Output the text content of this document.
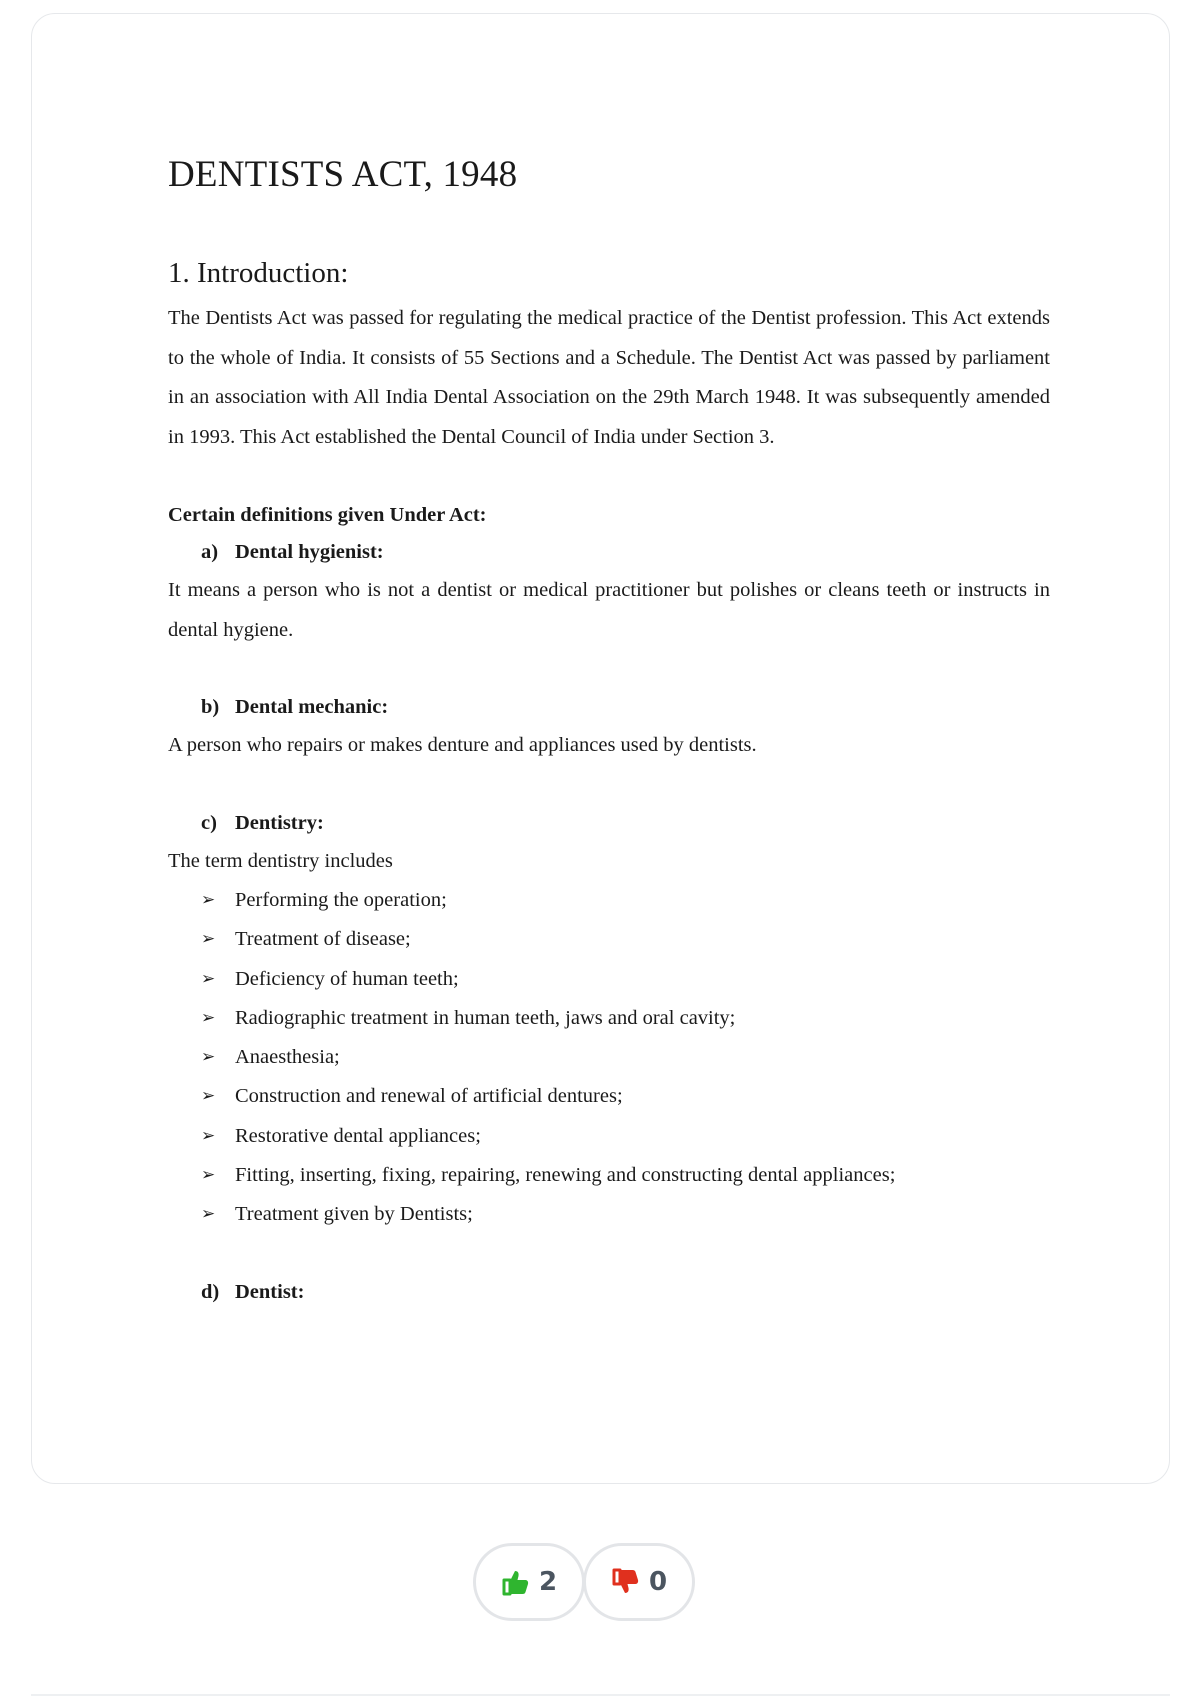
DENTISTS ACT, 1948
1. Introduction:

The Dentists Act was passed for regulating the medical practice of the Dentist profession. This Act extends to the whole of India. It consists of 55 Sections and a Schedule. The Dentist Act was passed by parliament in an association with All India Dental Association on the 29th March 1948. It was subsequently amended in 1993. This Act established the Dental Council of India under Section 3.

Certain definitions given Under Act:

a) Dental hygienist:

It means a person who is not a dentist or medical practitioner but polishes or cleans teeth or instructs in dental hygiene.

b) Dental mechanic:

A person who repairs or makes denture and appliances used by dentists.

c) Dentistry:

The term dentistry includes

➢ Performing the operation;
➢ Treatment of disease;
➢ Deficiency of human teeth;
➢ Radiographic treatment in human teeth, jaws and oral cavity;
➢ Anaesthesia;
➢ Construction and renewal of artificial dentures;
➢ Restorative dental appliances;
➢ Fitting, inserting, fixing, repairing, renewing and constructing dental appliances;
➢ Treatment given by Dentists;
d) Dentist:
2	0
